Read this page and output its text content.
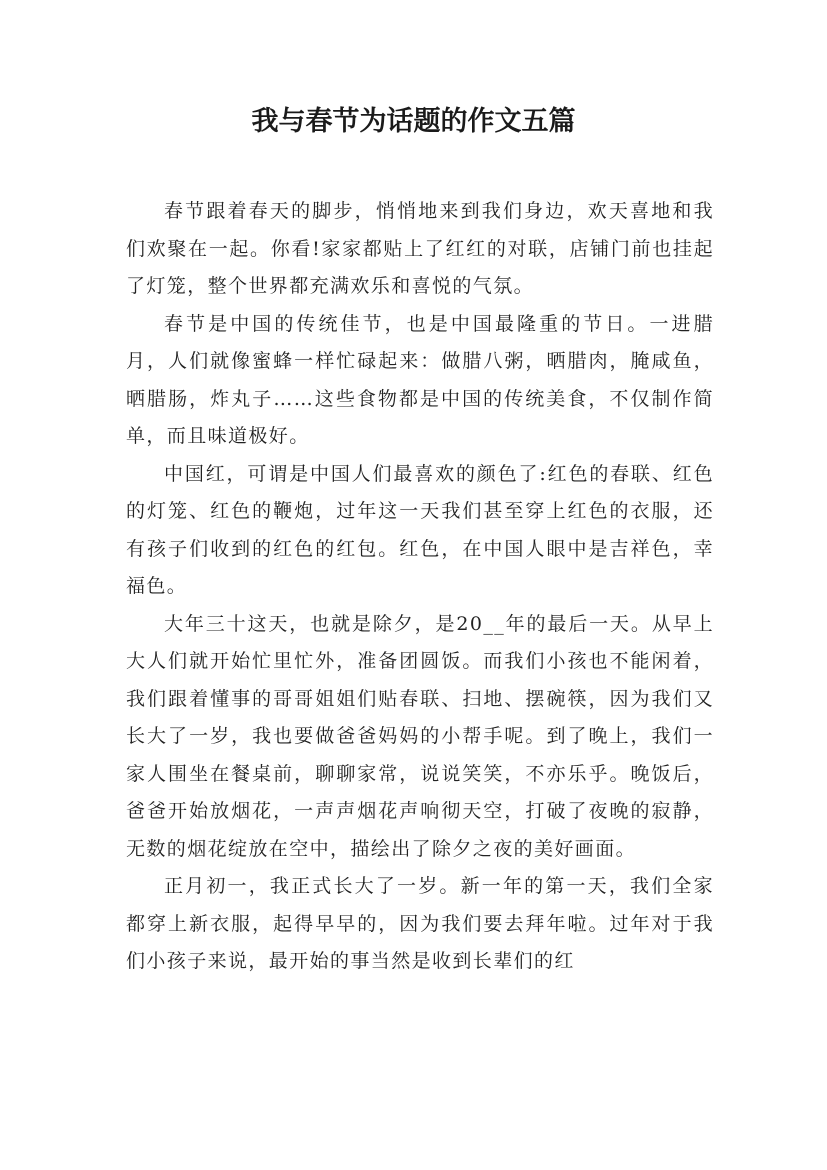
我与春节为话题的作文五篇

春节跟着春天的脚步，悄悄地来到我们身边，欢天喜地和我们欢聚在一起。你看!家家都贴上了红红的对联，店铺门前也挂起了灯笼，整个世界都充满欢乐和喜悦的气氛。

春节是中国的传统佳节，也是中国最隆重的节日。一进腊月，人们就像蜜蜂一样忙碌起来：做腊八粥，晒腊肉，腌咸鱼，晒腊肠，炸丸子……这些食物都是中国的传统美食，不仅制作简单，而且味道极好。

中国红，可谓是中国人们最喜欢的颜色了:红色的春联、红色的灯笼、红色的鞭炮，过年这一天我们甚至穿上红色的衣服，还有孩子们收到的红色的红包。红色，在中国人眼中是吉祥色，幸福色。

大年三十这天，也就是除夕，是20__年的最后一天。从早上大人们就开始忙里忙外，准备团圆饭。而我们小孩也不能闲着，我们跟着懂事的哥哥姐姐们贴春联、扫地、摆碗筷，因为我们又长大了一岁，我也要做爸爸妈妈的小帮手呢。到了晚上，我们一家人围坐在餐桌前，聊聊家常，说说笑笑，不亦乐乎。晚饭后，爸爸开始放烟花，一声声烟花声响彻天空，打破了夜晚的寂静，无数的烟花绽放在空中，描绘出了除夕之夜的美好画面。

正月初一，我正式长大了一岁。新一年的第一天，我们全家都穿上新衣服，起得早早的，因为我们要去拜年啦。过年对于我们小孩子来说，最开始的事当然是收到长辈们的红
